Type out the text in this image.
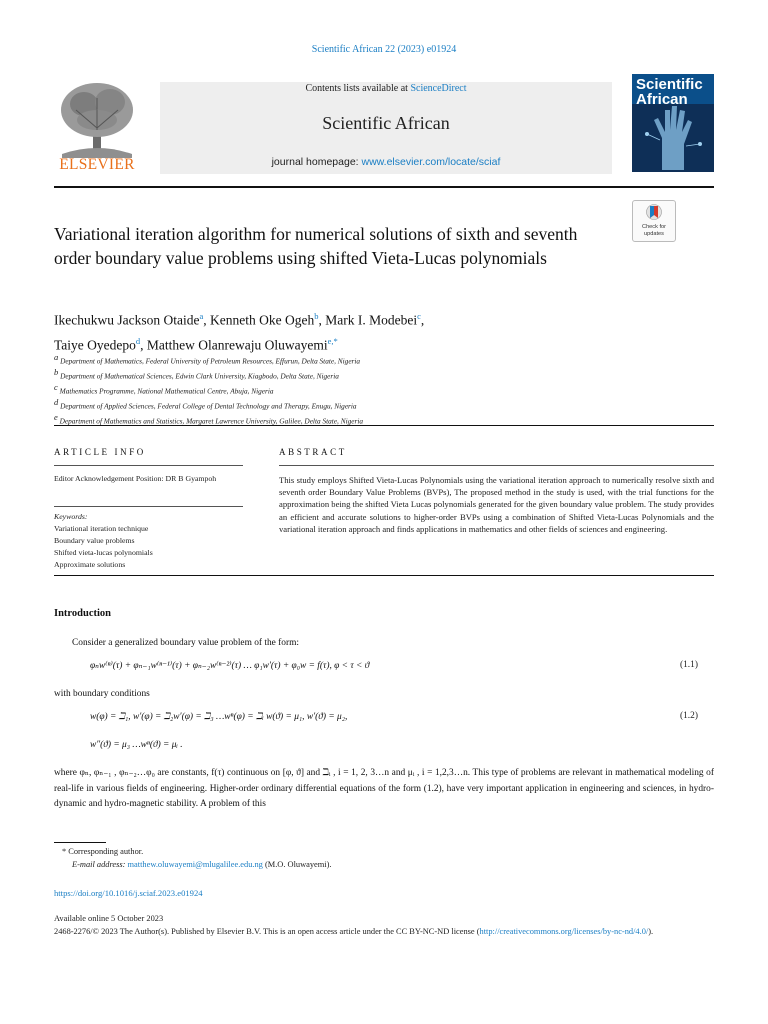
Scientific African 22 (2023) e01924
ELSEVIER
Contents lists available at ScienceDirect
Scientific African
journal homepage: www.elsevier.com/locate/sciaf
Scientific
African
Variational iteration algorithm for numerical solutions of sixth and seventh order boundary value problems using shifted Vieta-Lucas polynomials
Check for
updates
Ikechukwu Jackson Otaide$^a$, Kenneth Oke Ogeh$^b$, Mark I. Modebei$^c$,
Taiye Oyedepo$^d$, Matthew Olanrewaju Oluwayemi$^{e,*}$
$^a$ Department of Mathematics, Federal University of Petroleum Resources, Effurun, Delta State, Nigeria
$^b$ Department of Mathematical Sciences, Edwin Clark University, Kiagbodo, Delta State, Nigeria
$^c$ Mathematics Programme, National Mathematical Centre, Abuja, Nigeria
$^d$ Department of Applied Sciences, Federal College of Dental Technology and Therapy, Enugu, Nigeria
$^e$ Department of Mathematics and Statistics, Margaret Lawrence University, Galilee, Delta State, Nigeria
ARTICLE INFO	ABSTRACT
Editor Acknowledgement Position: DR B Gyampoh
Keywords:
Variational iteration technique
Boundary value problems
Shifted vieta-lucas polynomials
Approximate solutions
This study employs Shifted Vieta-Lucas Polynomials using the variational iteration approach to numerically resolve sixth and seventh order Boundary Value Problems (BVPs), The proposed method in the study is used, with the trial functions for the approximation being the shifted Vieta Lucas polynomials generated for the given boundary value problem. The study provides an efficient and accurate solutions to higher-order BVPs using a combination of Shifted Vieta-Lucas Polynomials and the variational iteration approach and finds applications in mathematics and other fields of sciences and engineering.
Introduction
Consider a generalized boundary value problem of the form:
φₙw⁽ⁿ⁾(τ) + φₙ₋₁w⁽ⁿ⁻¹⁾(τ) + φₙ₋₂w⁽ⁿ⁻²⁾(τ) … φ₁w′(τ) + φ₀w = f(τ), φ < τ < ϑ	(1.1)
with boundary conditions
w(φ) = ℶ₁, w′(φ) = ℶ₂w′(φ) = ℶ₃ …wⁿ(φ) = ℶᵢ w(ϑ) = μ₁, w′(ϑ) = μ₂,	(1.2)
w″(ϑ) = μ₃ …wⁿ(ϑ) = μᵢ .
where φₙ, φₙ₋₁ , φₙ₋₂…φ₀ are constants, f(τ) continuous on [φ, ϑ] and ℶᵢ , i = 1, 2, 3…n and μᵢ , i = 1,2,3…n. This type of problems are relevant in mathematical modeling of real-life in various fields of engineering. Higher-order ordinary differential equations of the form (1.2), have very important application in engineering and sciences, in hydro-dynamic and hydro-magnetic stability. A problem of this
* Corresponding author.
E-mail address: matthew.oluwayemi@mlugalilee.edu.ng (M.O. Oluwayemi).
https://doi.org/10.1016/j.sciaf.2023.e01924
Available online 5 October 2023
2468-2276/© 2023 The Author(s). Published by Elsevier B.V. This is an open access article under the CC BY-NC-ND license (http://creativecommons.org/licenses/by-nc-nd/4.0/).
